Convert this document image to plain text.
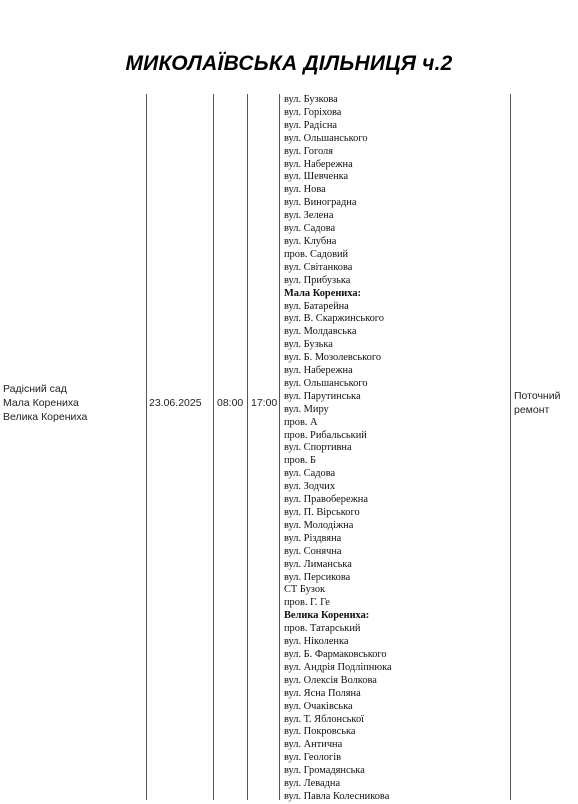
МИКОЛАЇВСЬКА ДІЛЬНИЦЯ ч.2
Радісний сад
Мала Корениха
Велика Корениха
23.06.2025	08:00 17:00
Поточний
ремонт
вул. Бузкова
вул. Горіхова
вул. Радісна
вул. Ольшанського
вул. Гоголя
вул. Набережна
вул. Шевченка
вул. Нова
вул. Виноградна
вул. Зелена
вул. Садова
вул. Клубна
пров. Садовий
вул. Світанкова
вул. Прибузька
Мала Корениха:
вул. Батарейна
вул. В. Скаржинського
вул. Молдавська
вул. Бузька
вул. Б. Мозолевського
вул. Набережна
вул. Ольшанського
вул. Парутинська
вул. Миру
пров. А
пров. Рибальський
вул. Спортивна
пров. Б
вул. Садова
вул. Зодчих
вул. Правобережна
вул. П. Вірського
вул. Молодіжна
вул. Різдвяна
вул. Сонячна
вул. Лиманська
вул. Персикова
СТ Бузок
пров. Г. Ге
Велика Корениха:
пров. Татарський
вул. Ніколенка
вул. Б. Фармаковського
вул. Андрія Подліпнюка
вул. Олексія Волкова
вул. Ясна Поляна
вул. Очаківська
вул. Т. Яблонської
вул. Покровська
вул. Антична
вул. Геологів
вул. Громадянська
вул. Левадна
вул. Павла Колесникова
